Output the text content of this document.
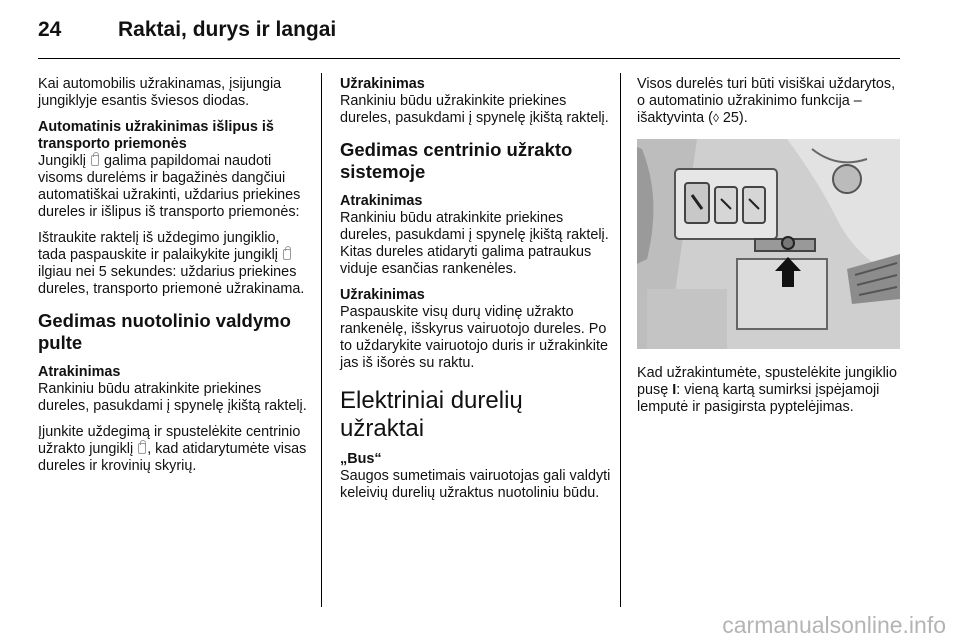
24	Raktai, durys ir langai

Kai automobilis užrakinamas, įsijungia jungiklyje esantis šviesos diodas.

Automatinis užrakinimas išlipus iš transporto priemonės

Jungiklį galima papildomai naudoti visoms durelėms ir bagažinės dangčiui automatiškai užrakinti, uždarius priekines dureles ir išlipus iš transporto priemonės:

Ištraukite raktelį iš uždegimo jungiklio, tada paspauskite ir palaikykite jungiklį  ilgiau nei 5 sekundes: uždarius priekines dureles, transporto priemonė užrakinama.

Gedimas nuotolinio valdymo pulte
Atrakinimas

Rankiniu būdu atrakinkite priekines dureles, pasukdami į spynelę įkištą raktelį.

Įjunkite uždegimą ir spustelėkite centrinio užrakto jungiklį , kad atidarytumėte visas dureles ir krovinių skyrių.

Užrakinimas

Rankiniu būdu užrakinkite priekines dureles, pasukdami į spynelę įkištą raktelį.

Gedimas centrinio užrakto sistemoje
Atrakinimas

Rankiniu būdu atrakinkite priekines dureles, pasukdami į spynelę įkištą raktelį. Kitas dureles atidaryti galima patraukus viduje esančias rankenėles.

Užrakinimas

Paspauskite visų durų vidinę užrakto rankenėlę, išskyrus vairuotojo dureles. Po to uždarykite vairuotojo duris ir užrakinkite jas iš išorės su raktu.

Elektriniai durelių užraktai
„Bus“

Saugos sumetimais vairuotojas gali valdyti keleivių durelių užraktus nuotoliniu būdu.

Visos durelės turi būti visiškai uždarytos, o automatinio užrakinimo funkcija – išaktyvinta (◊ 25).

Kad užrakintumėte, spustelėkite jungiklio pusę I: vieną kartą sumirksi įspėjamoji lemputė ir pasigirsta pyptelėjimas.

carmanualsonline.info
